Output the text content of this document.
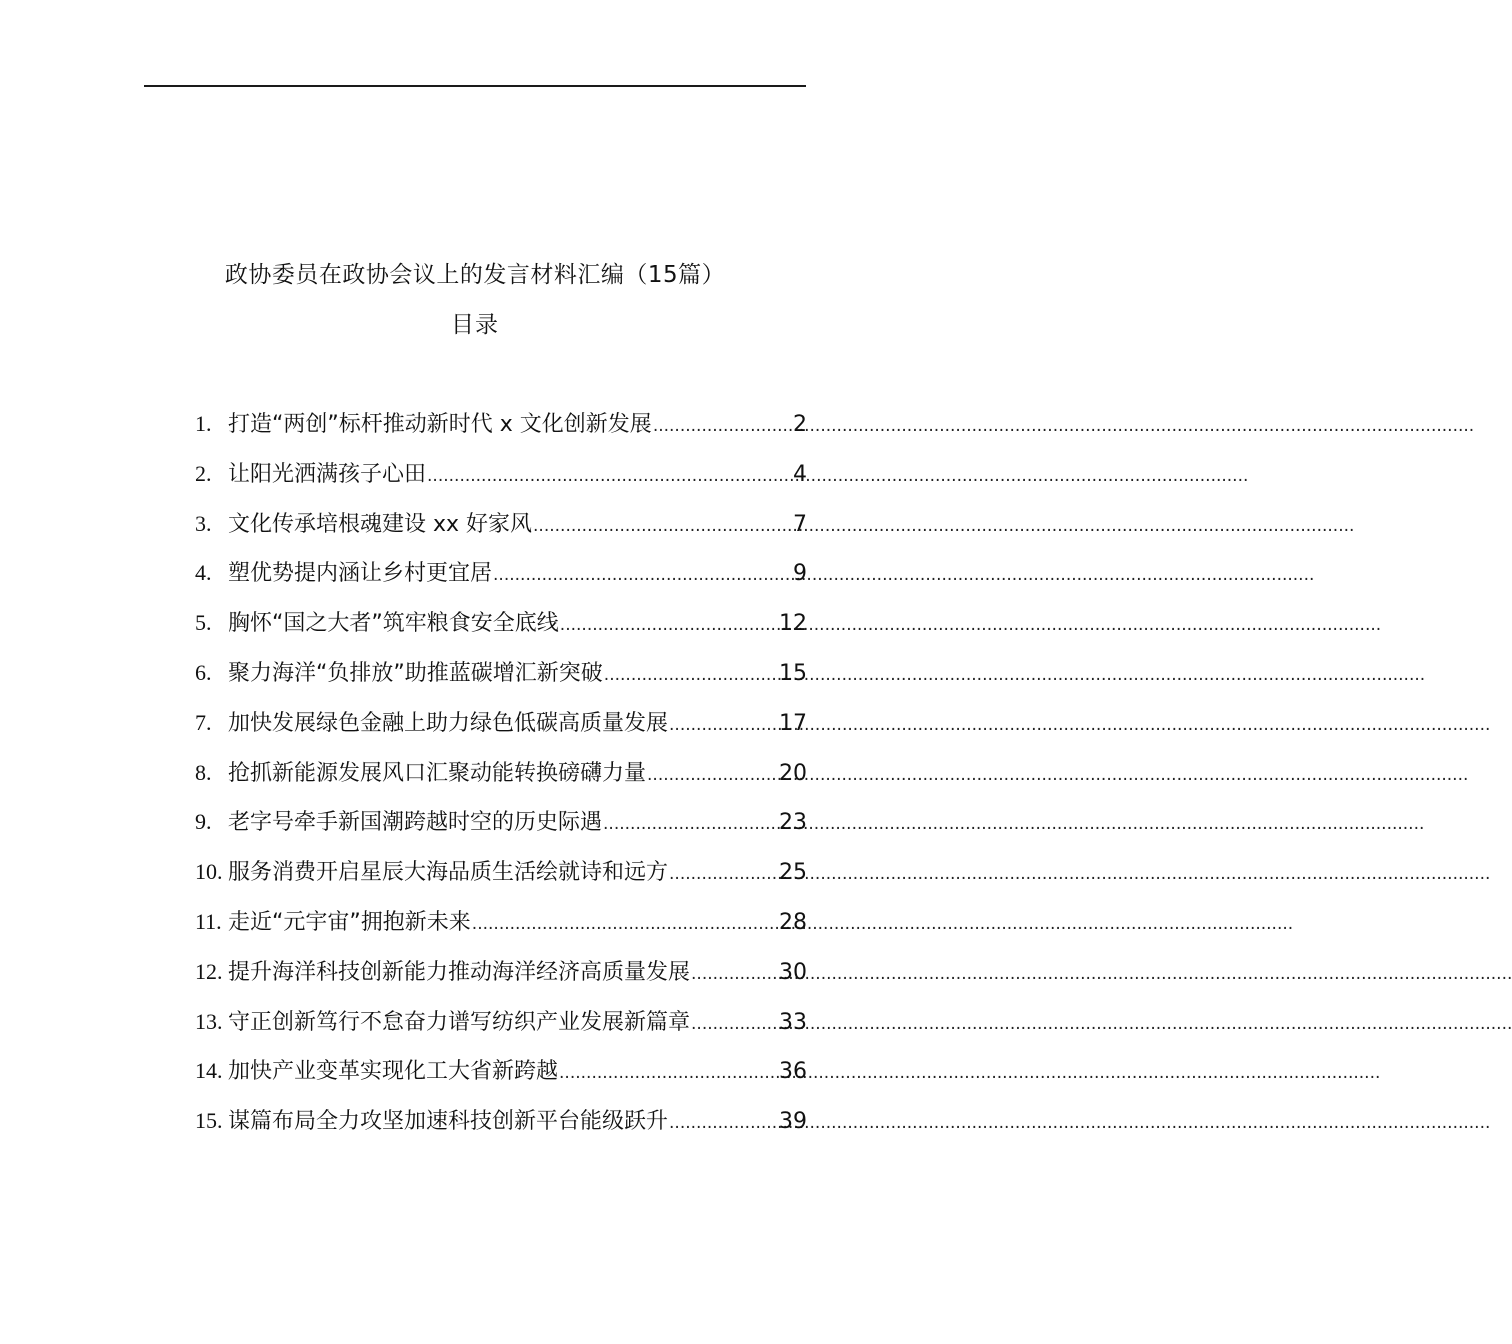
政协委员在政协会议上的发言材料汇编（15篇）
目录
1. 打造“两创”标杆推动新时代 x 文化创新发展 .....	2
2. 让阳光洒满孩子心田 .....	4
3. 文化传承培根魂建设 xx 好家风 .....	7
4. 塑优势提内涵让乡村更宜居 .....	9
5. 胸怀“国之大者”筑牢粮食安全底线 .....	12
6. 聚力海洋“负排放”助推蓝碳增汇新突破 .....	15
7. 加快发展绿色金融上助力绿色低碳高质量发展 .....	17
8. 抢抓新能源发展风口汇聚动能转换磅礴力量 .....	20
9. 老字号牵手新国潮跨越时空的历史际遇 .....	23
10. 服务消费开启星辰大海品质生活绘就诗和远方 .....	25
11. 走近“元宇宙”拥抱新未来 .....	28
12. 提升海洋科技创新能力推动海洋经济高质量发展 .....	30
13. 守正创新笃行不怠奋力谱写纺织产业发展新篇章 .....	33
14. 加快产业变革实现化工大省新跨越 .....	36
15. 谋篇布局全力攻坚加速科技创新平台能级跃升 .....	39
